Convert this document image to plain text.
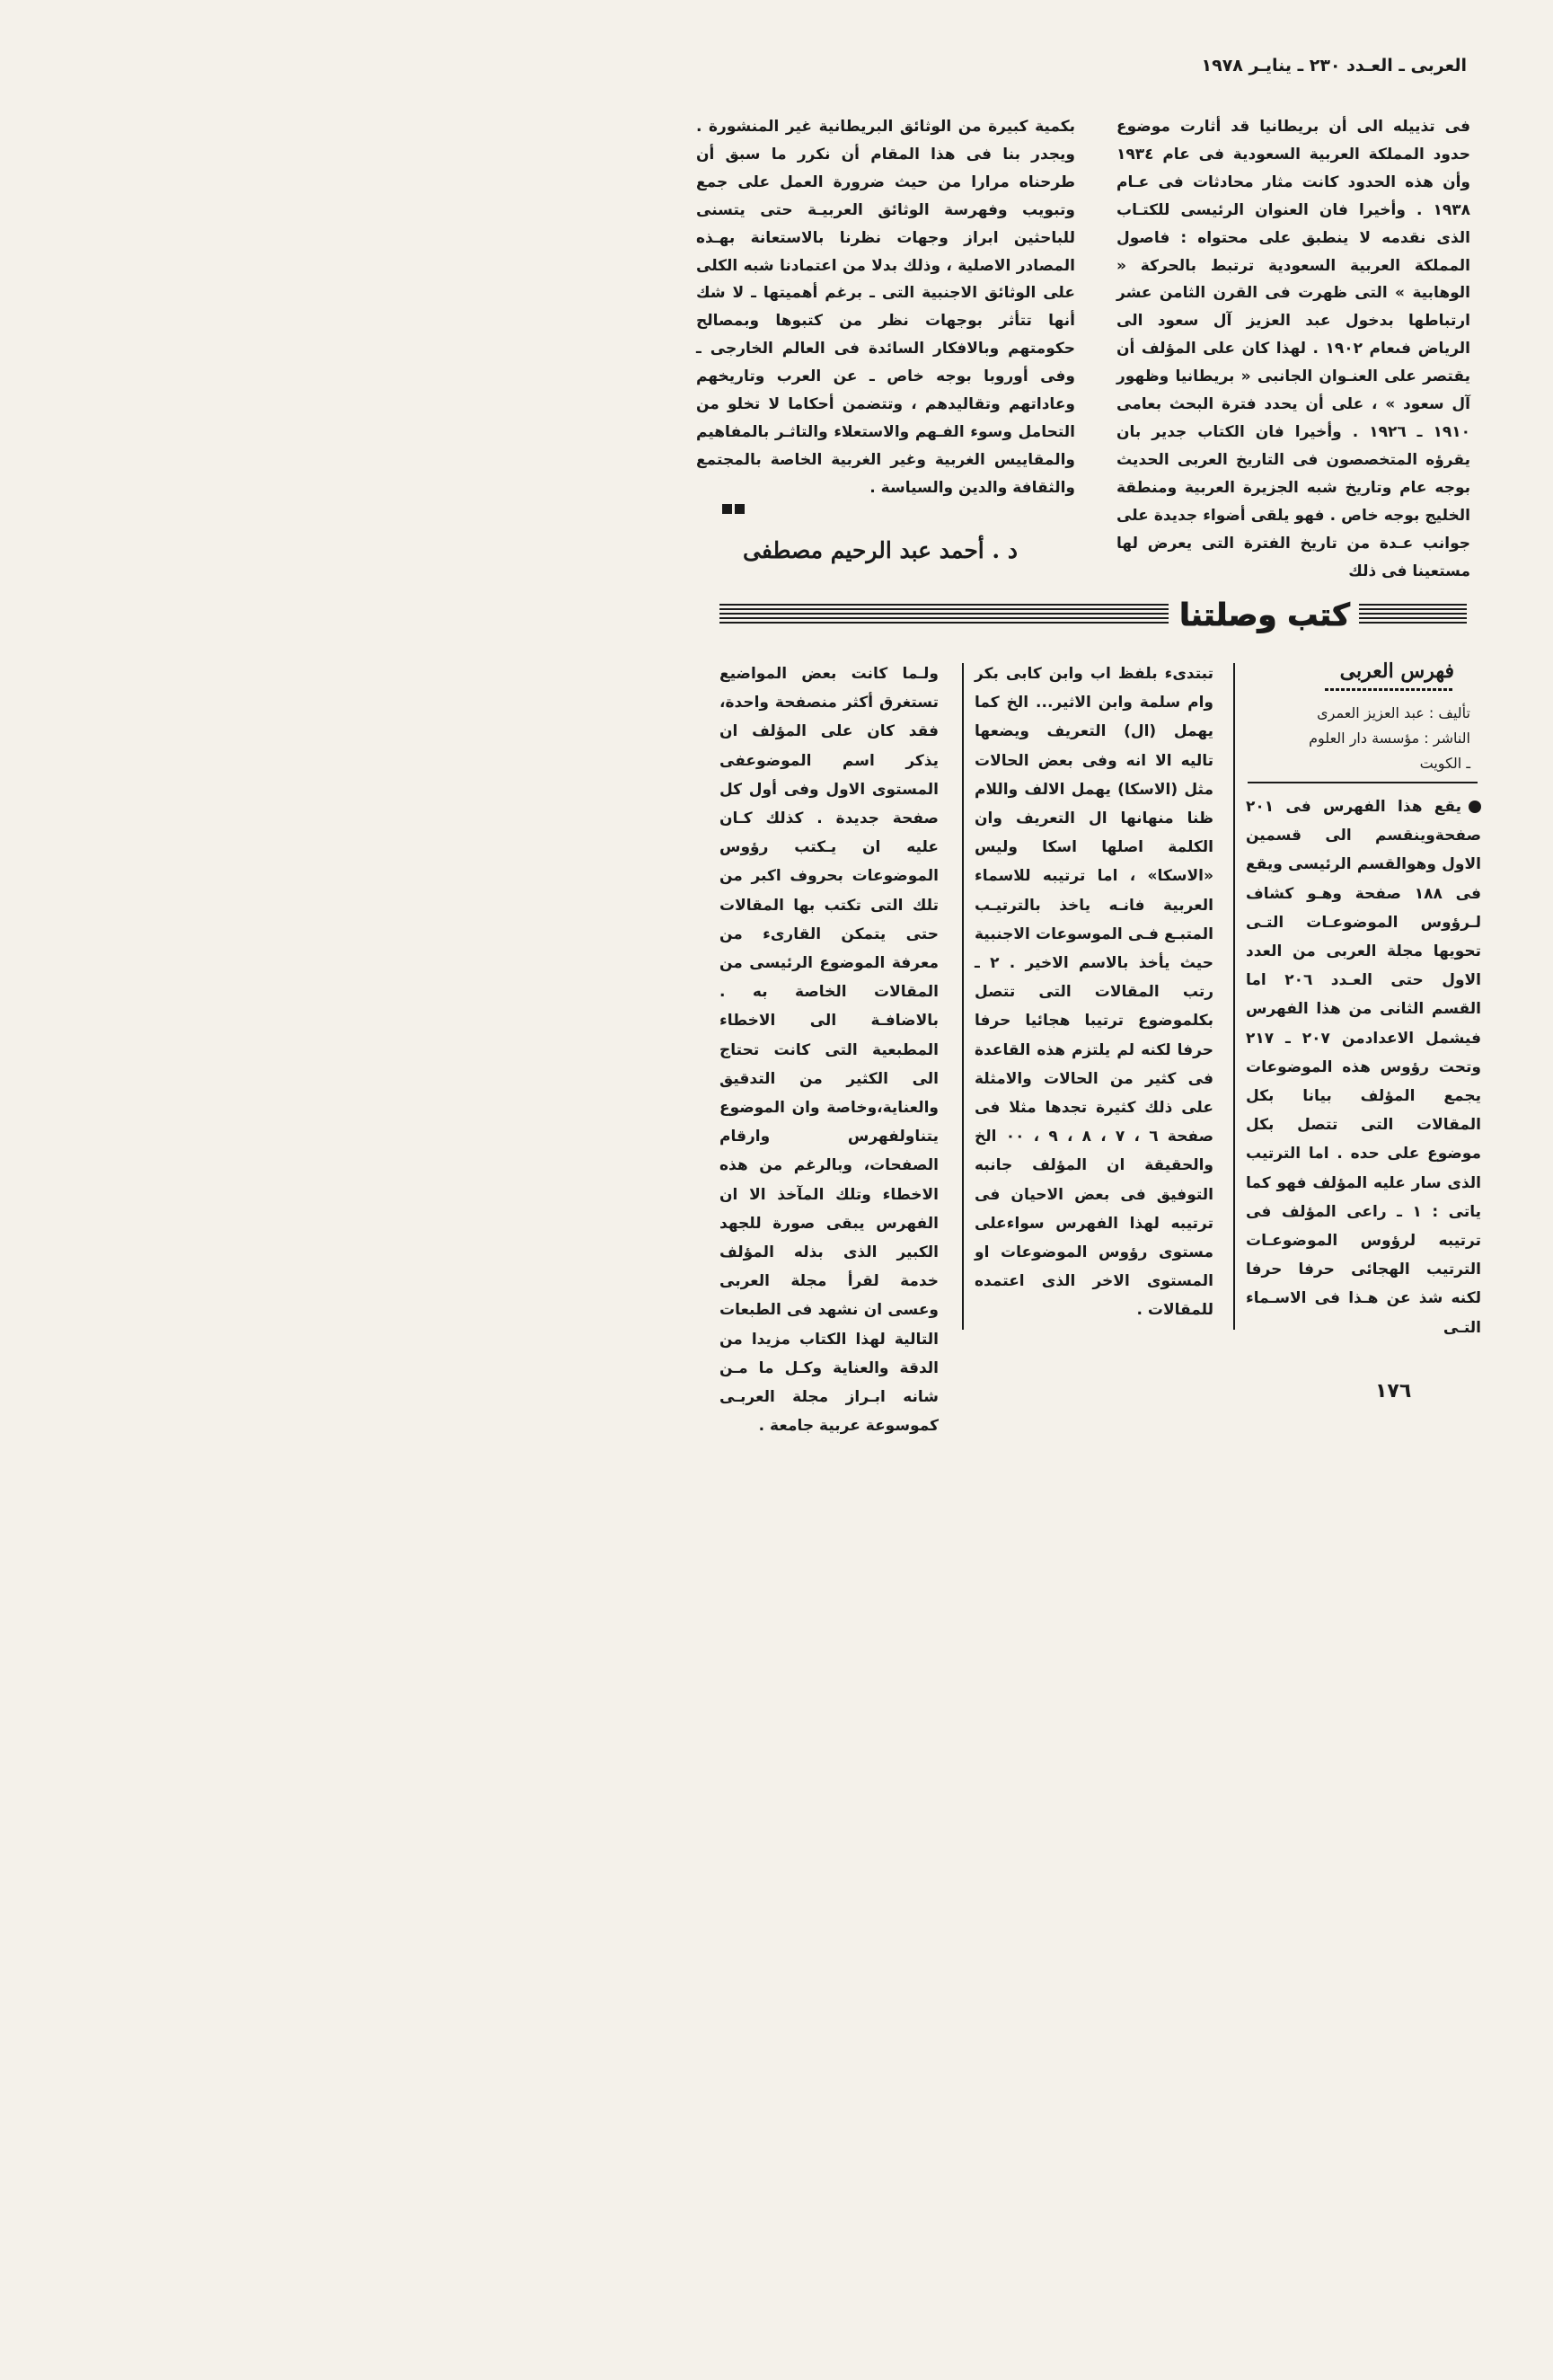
العربى ـ العـدد ٢٣٠ ـ ينايـر ١٩٧٨

فى تذييله الى أن بريطانيا قد أثارت موضوع حدود المملكة العربية السعودية فى عام ١٩٣٤ وأن هذه الحدود كانت مثار محادثات فى عـام ١٩٣٨ . وأخيرا فان العنوان الرئيسى للكتـاب الذى نقدمه لا ينطبق على محتواه : فاصول المملكة العربية السعودية ترتبط بالحركة « الوهابية » التى ظهرت فى القرن الثامن عشر ارتباطها بدخول عبد العزيز آل سعود الى الرياض فىعام ١٩٠٢ . لهذا كان على المؤلف أن يقتصر على العنـوان الجانبى « بريطانيا وظهور آل سعود » ، على أن يحدد فترة البحث بعامى ١٩١٠ ـ ١٩٢٦ . وأخيرا فان الكتاب جدير بان يقرؤه المتخصصون فى التاريخ العربى الحديث بوجه عام وتاريخ شبه الجزيرة العربية ومنطقة الخليج بوجه خاص . فهو يلقى أضواء جديدة على جوانب عـدة من تاريخ الفترة التى يعرض لها مستعينا فى ذلك

بكمية كبيرة من الوثائق البريطانية غير المنشورة . ويجدر بنا فى هذا المقام أن نكرر ما سبق أن طرحناه مرارا من حيث ضرورة العمل على جمع وتبويب وفهرسة الوثائق العربيـة حتى يتسنى للباحثين ابراز وجهات نظرنا بالاستعانة بهـذه المصادر الاصلية ، وذلك بدلا من اعتمادنا شبه الكلى على الوثائق الاجنبية التى ـ برغم أهميتها ـ لا شك أنها تتأثر بوجهات نظر من كتبوها وبمصالح حكومتهم وبالافكار السائدة فى العالم الخارجى ـ وفى أوروبا بوجه خاص ـ عن العرب وتاريخهم وعاداتهم وتقاليدهم ، وتتضمن أحكاما لا تخلو من التحامل وسوء الفـهم والاستعلاء والتاثـر بالمفاهيم والمقاييس الغربية وغير الغربية الخاصة بالمجتمع والثقافة والدين والسياسة .

د . أحمد عبد الرحيم مصطفى

كتب وصلتنا
فهرس العربى

تأليف : عبد العزيز العمرى

الناشر : مؤسسة دار العلوم

ـ الكويت

يقع هذا الفهرس فى ٢٠١ صفحةوينقسم الى قسمين الاول وهوالقسم الرئيسى ويقع فى ١٨٨ صفحة وهـو كشاف لـرؤوس الموضوعـات التـى تحويها مجلة العربى من العدد الاول حتى العـدد ٢٠٦ اما القسم الثانى من هذا الفهرس فيشمل الاعدادمن ٢٠٧ ـ ٢١٧ وتحت رؤوس هذه الموضوعات يجمع المؤلف بيانا بكل المقالات التى تتصل بكل موضوع على حده . اما الترتيب الذى سار عليه المؤلف فهو كما ياتى : ١ ـ راعى المؤلف فى ترتيبه لرؤوس الموضوعـات الترتيب الهجائى حرفا حرفا لكنه شذ عن هـذا فى الاسـماء التـى

تبتدىء بلفظ اب وابن كابى بكر وام سلمة وابن الاثير... الخ كما يهمل (ال) التعريف ويضعها تاليه الا انه وفى بعض الحالات مثل (الاسكا) يهمل الالف واللام ظنا منهانها ال التعريف وان الكلمة اصلها اسكا وليس «الاسكا» ، اما ترتيبه للاسماء العربية فانـه ياخذ بالترتيـب المتبـع فـى الموسوعات الاجنبية حيث يأخذ بالاسم الاخير . ٢ ـ رتب المقالات التى تتصل بكلموضوع ترتيبا هجائيا حرفا حرفا لكنه لم يلتزم هذه القاعدة فى كثير من الحالات والامثلة على ذلك كثيرة تجدها مثلا فى صفحة ٦ ، ٧ ، ٨ ، ٩ ، ٠٠ الخ والحقيقة ان المؤلف جانبه التوفيق فى بعض الاحيان فى ترتيبه لهذا الفهرس سواءعلى مستوى رؤوس الموضوعات او المستوى الاخر الذى اعتمده للمقالات .

ولـما كانت بعض المواضيع تستغرق أكثر منصفحة واحدة، فقد كان على المؤلف ان يذكر اسم الموضوعفى المستوى الاول وفى أول كل صفحة جديدة . كذلك كـان عليه ان يـكتب رؤوس الموضوعات بحروف اكبر من تلك التى تكتب بها المقالات حتى يتمكن القارىء من معرفة الموضوع الرئيسى من المقالات الخاصة به . بالاضافـة الى الاخطاء المطبعية التى كانت تحتاج الى الكثير من التدقيق والعناية،وخاصة وان الموضوع يتناولفهرس وارقام الصفحات، وبالرغم من هذه الاخطاء وتلك المآخذ الا ان الفهرس يبقى صورة للجهد الكبير الذى بذله المؤلف خدمة لقرأ مجلة العربى وعسى ان نشهد فى الطبعات التالية لهذا الكتاب مزيدا من الدقة والعناية وكـل ما مـن شانه ابـراز مجلة العربـى كموسوعة عربية جامعة .

١٧٦
